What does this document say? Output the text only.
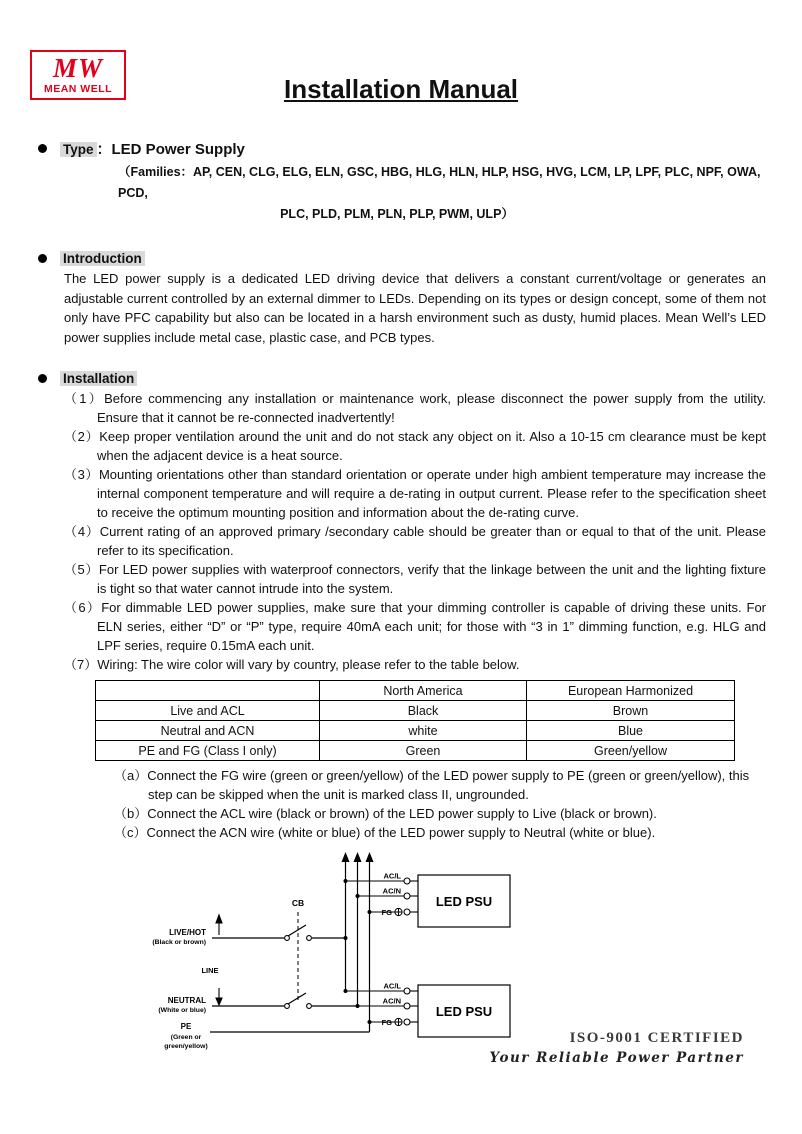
MW
MEAN WELL	Installation Manual
Type ：LED Power Supply
（Families：AP, CEN, CLG, ELG, ELN, GSC, HBG, HLG, HLN, HLP, HSG, HVG, LCM, LP, LPF, PLC, NPF, OWA, PCD,
PLC, PLD, PLM, PLN, PLP, PWM, ULP）
Introduction

The LED power supply is a dedicated LED driving device that delivers a constant current/voltage or generates an adjustable current controlled by an external dimmer to LEDs. Depending on its types or design concept, some of them not only have PFC capability but also can be located in a harsh environment such as dusty, humid places. Mean Well’s LED power supplies include metal case, plastic case, and PCB types.

Installation
（1）Before commencing any installation or maintenance work, please disconnect the power supply from the utility. Ensure that it cannot be re-connected inadvertently!
（2）Keep proper ventilation around the unit and do not stack any object on it. Also a 10-15 cm clearance must be kept when the adjacent device is a heat source.
（3）Mounting orientations other than standard orientation or operate under high ambient temperature may increase the internal component temperature and will require a de-rating in output current. Please refer to the specification sheet to receive the optimum mounting position and information about the de-rating curve.
（4）Current rating of an approved primary /secondary cable should be greater than or equal to that of the unit. Please refer to its specification.
（5）For LED power supplies with waterproof connectors, verify that the linkage between the unit and the lighting fixture is tight so that water cannot intrude into the system.
（6）For dimmable LED power supplies, make sure that your dimming controller is capable of driving these units. For ELN series, either “D” or “P” type, require 40mA each unit; for those with “3 in 1” dimming function, e.g. HLG and LPF series, require 0.15mA each unit.
（7）Wiring: The wire color will vary by country, please refer to the table below.
	North America	European Harmonized
Live and ACL	Black	Brown
Neutral and ACN	white	Blue
PE and FG (Class I only)	Green	Green/yellow
（a）Connect the FG wire (green or green/yellow) of the LED power supply to PE (green or green/yellow), this step can be skipped when the unit is marked class II, ungrounded.
（b）Connect the ACL wire (black or brown) of the LED power supply to Live (black or brown).
（c）Connect the ACN wire (white or blue) of the LED power supply to Neutral (white or blue).
LED PSU
LED PSU
AC/L
AC/N
FG
AC/L
AC/N
FG
CB
LIVE/HOT
(Black or brown)
LINE
NEUTRAL
(White or blue)
PE
(Green or
green/yellow)
ISO-9001 CERTIFIED
Your Reliable Power Partner
